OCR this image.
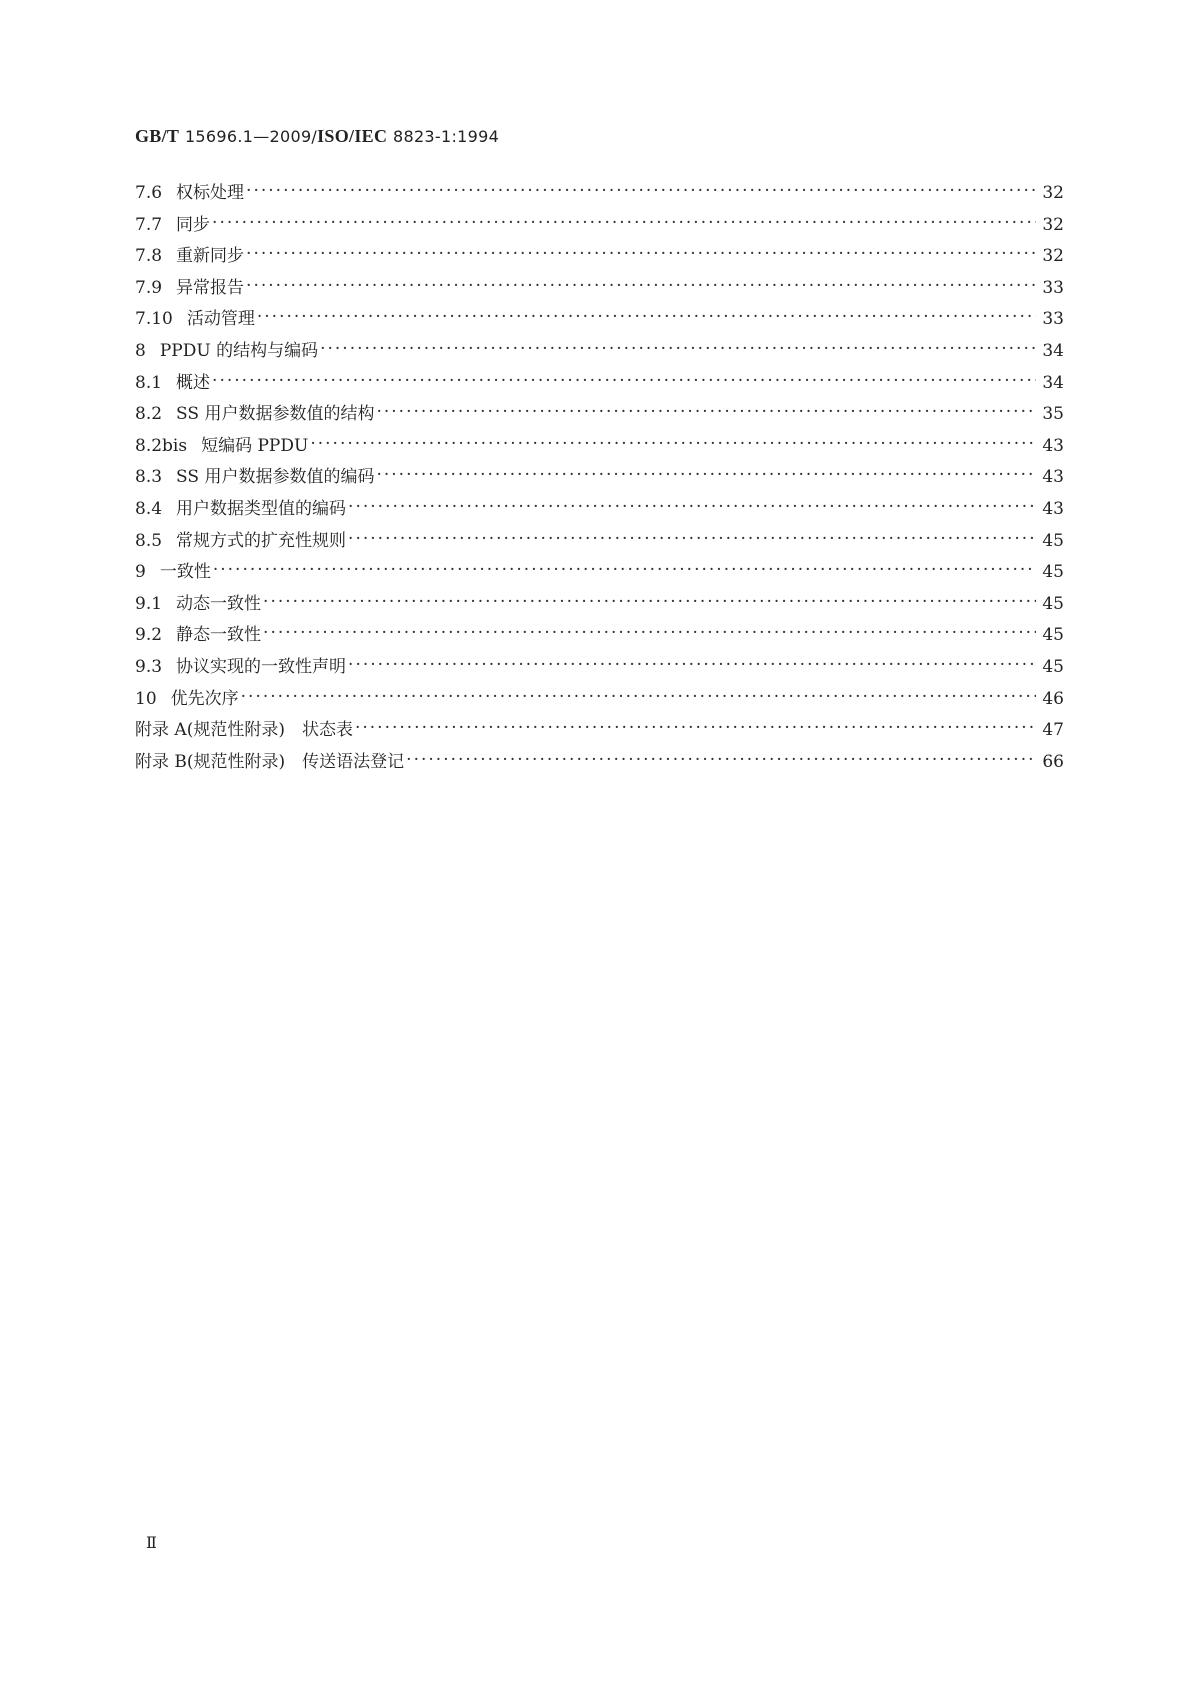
GB/T 15696.1—2009/ISO/IEC 8823-1:1994
7.6 权标处理 ·····	32
7.7 同步 ·····	32
7.8 重新同步 ·····	32
7.9 异常报告 ·····	33
7.10 活动管理 ·····	33
8 PPDU 的结构与编码 ·····	34
8.1 概述 ·····	34
8.2 SS 用户数据参数值的结构 ·····	35
8.2bis 短编码 PPDU ·····	43
8.3 SS 用户数据参数值的编码 ·····	43
8.4 用户数据类型值的编码 ·····	43
8.5 常规方式的扩充性规则 ·····	45
9 一致性 ·····	45
9.1 动态一致性 ·····	45
9.2 静态一致性 ·····	45
9.3 协议实现的一致性声明 ·····	45
10 优先次序 ·····	46
附录 A (规范性附录)　状态表 ·····	47
附录 B (规范性附录)　传送语法登记 ·····	66
Ⅱ
